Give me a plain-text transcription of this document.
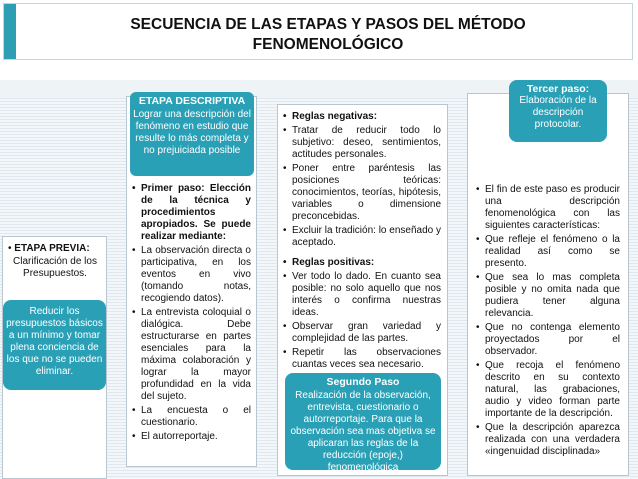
SECUENCIA DE LAS ETAPAS Y PASOS DEL MÉTODO
FENOMENOLÓGICO
• ETAPA PREVIA:
Clarificación de los Presupuestos.
Reducir los presupuestos básicos a un mínimo y tomar plena conciencia de los que no se pueden eliminar.
• Primer paso: Elección de la técnica y procedimientos apropiados. Se puede realizar mediante:
• La observación directa o participativa, en los eventos en vivo (tomando notas, recogiendo datos).
• La entrevista coloquial o dialógica. Debe estructurarse en partes esenciales para la máxima colaboración y lograr la mayor profundidad en la vida del sujeto.
• La encuesta o el cuestionario.
• El autorreportaje.
ETAPA DESCRIPTIVA
Lograr una descripción del fenómeno en estudio que resulte lo más completa y no prejuiciada posible
• Reglas negativas:
• Tratar de reducir todo lo subjetivo: deseo, sentimientos, actitudes personales.
• Poner entre paréntesis las posiciones teóricas: conocimientos, teorías, hipótesis, variables o dimensione preconcebidas.
• Excluir la tradición: lo enseñado y aceptado.
• Reglas positivas:
• Ver todo lo dado. En cuanto sea posible: no solo aquello que nos interés o confirma nuestras ideas.
• Observar gran variedad y complejidad de las partes.
• Repetir las observaciones cuantas veces sea necesario.
Segundo Paso
Realización de la observación, entrevista, cuestionario o autorreportaje. Para que la observación sea mas objetiva se aplicaran las reglas de la reducción (epoje,) fenomenológica
• El fin de este paso es producir una descripción fenomenológica con las siguientes características:
• Que refleje el fenómeno o la realidad así como se presento.
• Que sea lo mas completa posible y no omita nada que pudiera tener alguna relevancia.
• Que no contenga elemento proyectados por el observador.
• Que recoja el fenómeno descrito en su contexto natural, las grabaciones, audio y video forman parte importante de la descripción.
• Que la descripción aparezca realizada con una verdadera «ingenuidad disciplinada»
Tercer paso:
Elaboración de la descripción protocolar.
